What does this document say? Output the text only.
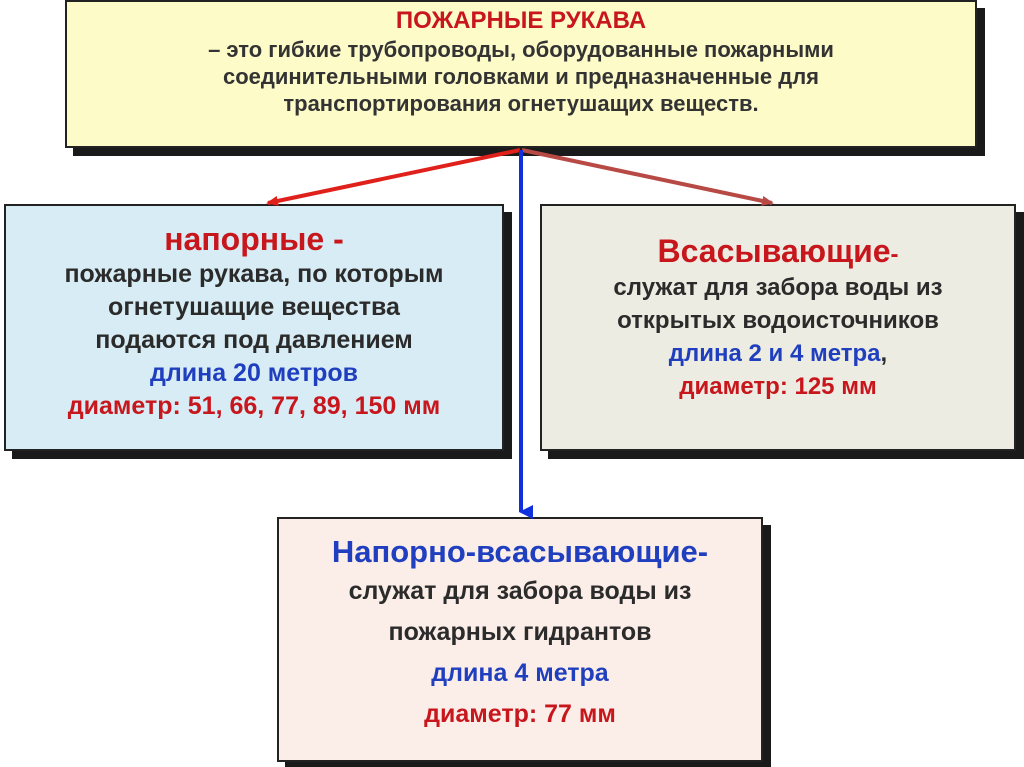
ПОЖАРНЫЕ РУКАВА
– это гибкие трубопроводы, оборудованные пожарными
соединительными головками и предназначенные для
транспортирования огнетушащих веществ.
напорные -
пожарные рукава, по которым
огнетушащие вещества
подаются под давлением
длина 20 метров
диаметр: 51, 66, 77, 89, 150 мм
Всасывающие-
служат для забора воды из
открытых водоисточников
длина 2 и 4 метра,
диаметр: 125 мм
Напорно-всасывающие-
служат для забора воды из
пожарных гидрантов
длина 4 метра
диаметр: 77 мм
